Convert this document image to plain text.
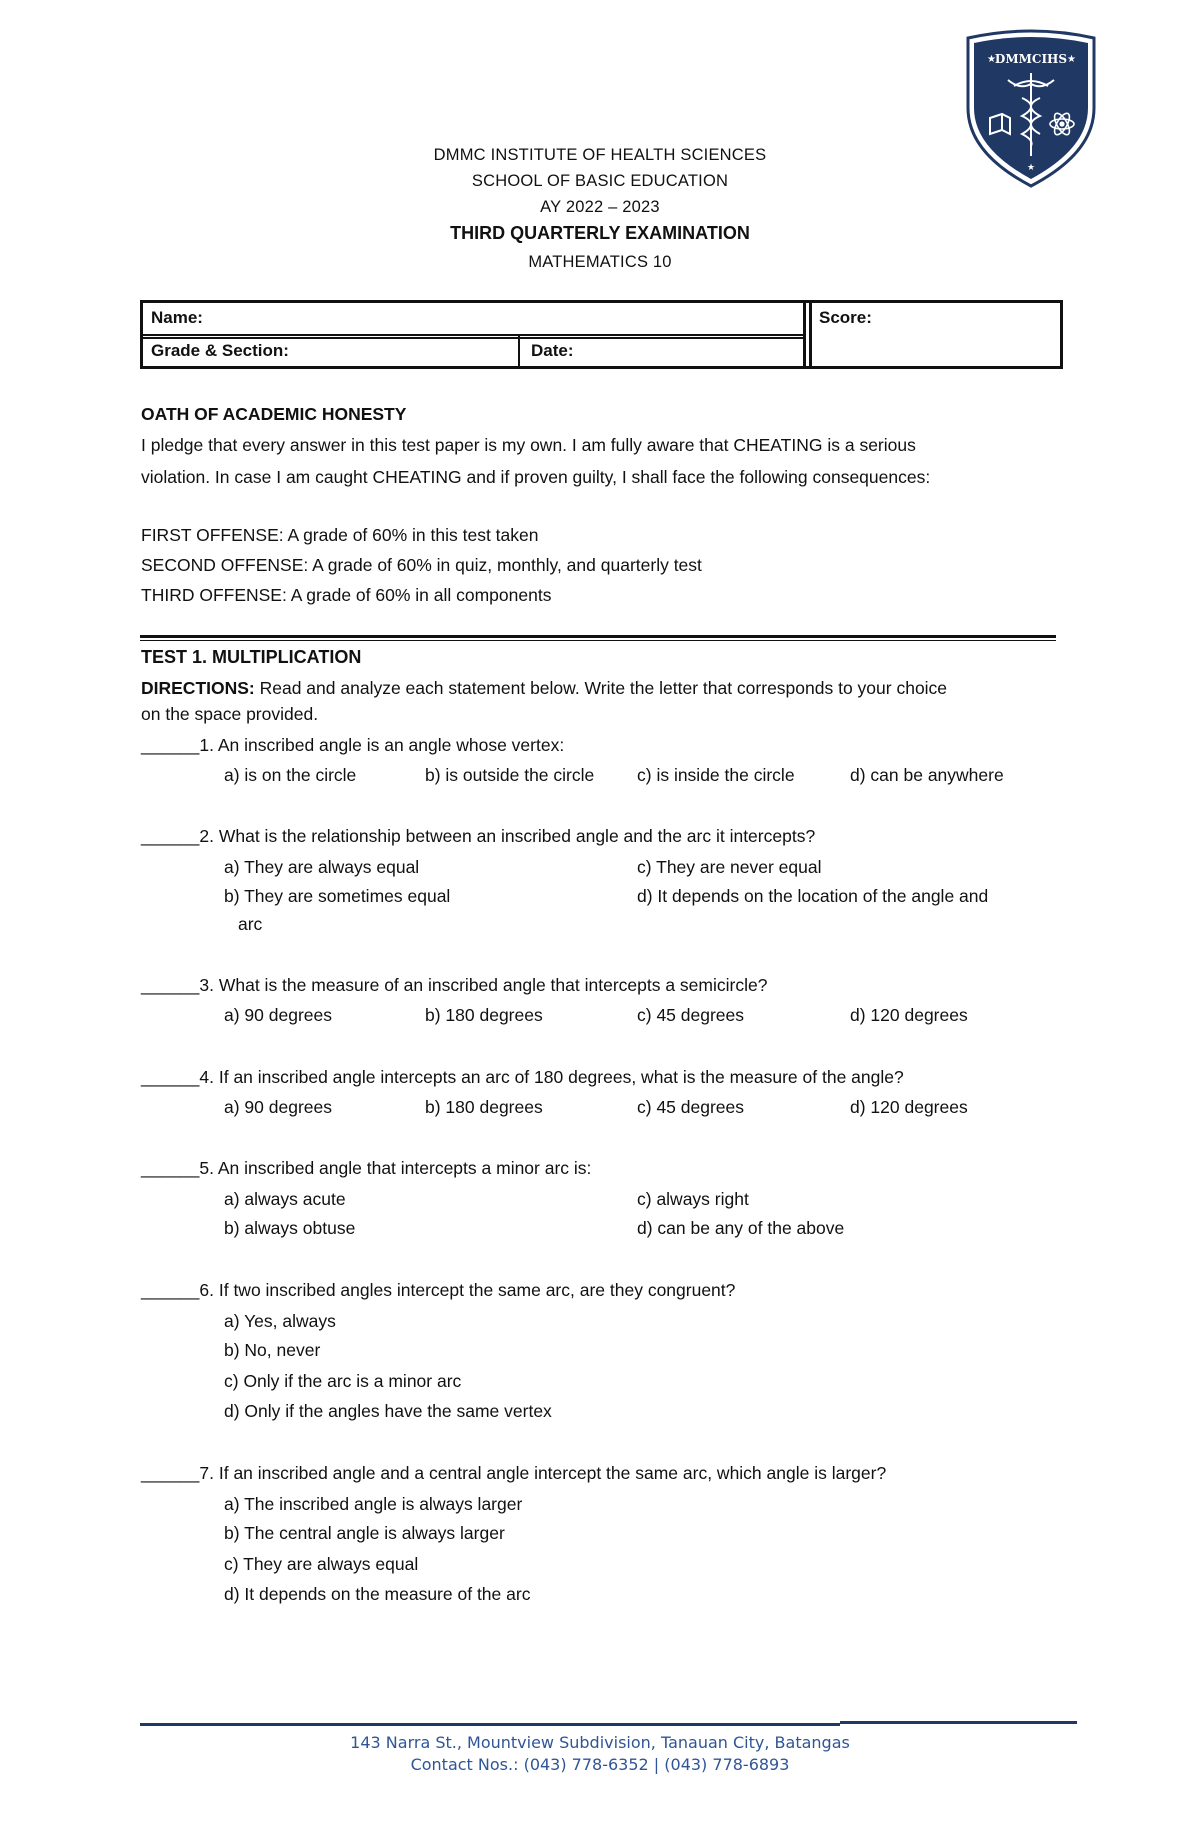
DMMCIHS
★	★
★
DMMC INSTITUTE OF HEALTH SCIENCES
SCHOOL OF BASIC EDUCATION
AY 2022 – 2023
THIRD QUARTERLY EXAMINATION
MATHEMATICS 10
Name:	Score:
Grade & Section:	Date:
OATH OF ACADEMIC HONESTY
I pledge that every answer in this test paper is my own. I am fully aware that CHEATING is a serious
violation. In case I am caught CHEATING and if proven guilty, I shall face the following consequences:
FIRST OFFENSE: A grade of 60% in this test taken
SECOND OFFENSE: A grade of 60% in quiz, monthly, and quarterly test
THIRD OFFENSE: A grade of 60% in all components
TEST 1. MULTIPLICATION
DIRECTIONS: Read and analyze each statement below. Write the letter that corresponds to your choice
on the space provided.
______1. An inscribed angle is an angle whose vertex:
a) is on the circle	b) is outside the circle c) is inside the circle	d) can be anywhere
______2. What is the relationship between an inscribed angle and the arc it intercepts?
a) They are always equal	c) They are never equal
b) They are sometimes equal	d) It depends on the location of the angle and
arc
______3. What is the measure of an inscribed angle that intercepts a semicircle?
a) 90 degrees	b) 180 degrees	c) 45 degrees	d) 120 degrees
______4. If an inscribed angle intercepts an arc of 180 degrees, what is the measure of the angle?
a) 90 degrees	b) 180 degrees	c) 45 degrees	d) 120 degrees
______5. An inscribed angle that intercepts a minor arc is:
a) always acute	c) always right
b) always obtuse	d) can be any of the above
______6. If two inscribed angles intercept the same arc, are they congruent?
a) Yes, always
b) No, never
c) Only if the arc is a minor arc
d) Only if the angles have the same vertex
______7. If an inscribed angle and a central angle intercept the same arc, which angle is larger?
a) The inscribed angle is always larger
b) The central angle is always larger
c) They are always equal
d) It depends on the measure of the arc
143 Narra St., Mountview Subdivision, Tanauan City, Batangas
Contact Nos.: (043) 778-6352 | (043) 778-6893
